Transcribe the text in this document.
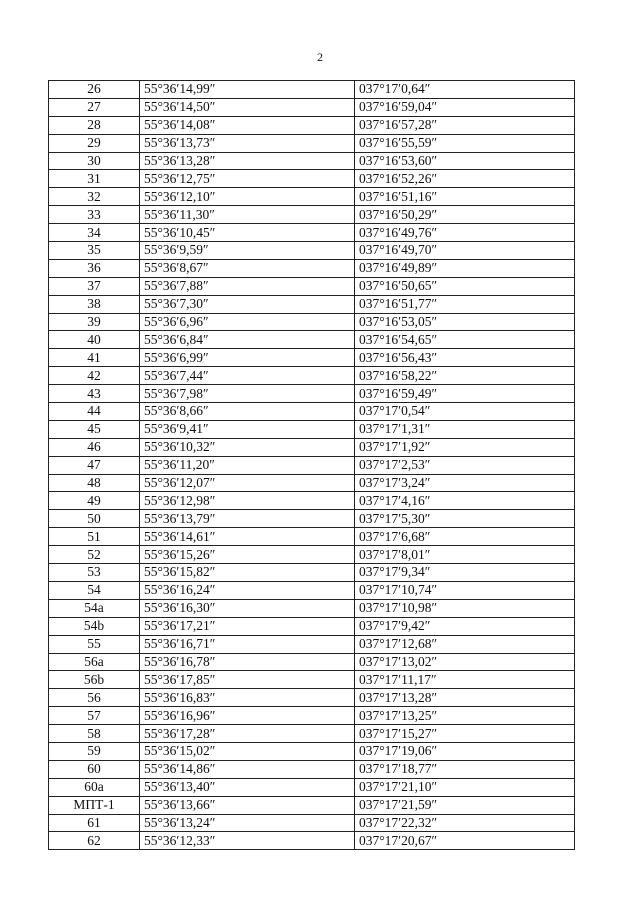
2
26	55°36′14,99″	037°17′0,64″
27	55°36′14,50″	037°16′59,04″
28	55°36′14,08″	037°16′57,28″
29	55°36′13,73″	037°16′55,59″
30	55°36′13,28″	037°16′53,60″
31	55°36′12,75″	037°16′52,26″
32	55°36′12,10″	037°16′51,16″
33	55°36′11,30″	037°16′50,29″
34	55°36′10,45″	037°16′49,76″
35	55°36′9,59″	037°16′49,70″
36	55°36′8,67″	037°16′49,89″
37	55°36′7,88″	037°16′50,65″
38	55°36′7,30″	037°16′51,77″
39	55°36′6,96″	037°16′53,05″
40	55°36′6,84″	037°16′54,65″
41	55°36′6,99″	037°16′56,43″
42	55°36′7,44″	037°16′58,22″
43	55°36′7,98″	037°16′59,49″
44	55°36′8,66″	037°17′0,54″
45	55°36′9,41″	037°17′1,31″
46	55°36′10,32″	037°17′1,92″
47	55°36′11,20″	037°17′2,53″
48	55°36′12,07″	037°17′3,24″
49	55°36′12,98″	037°17′4,16″
50	55°36′13,79″	037°17′5,30″
51	55°36′14,61″	037°17′6,68″
52	55°36′15,26″	037°17′8,01″
53	55°36′15,82″	037°17′9,34″
54	55°36′16,24″	037°17′10,74″
54a	55°36′16,30″	037°17′10,98″
54b	55°36′17,21″	037°17′9,42″
55	55°36′16,71″	037°17′12,68″
56a	55°36′16,78″	037°17′13,02″
56b	55°36′17,85″	037°17′11,17″
56	55°36′16,83″	037°17′13,28″
57	55°36′16,96″	037°17′13,25″
58	55°36′17,28″	037°17′15,27″
59	55°36′15,02″	037°17′19,06″
60	55°36′14,86″	037°17′18,77″
60a	55°36′13,40″	037°17′21,10″
МПТ-1	55°36′13,66″	037°17′21,59″
61	55°36′13,24″	037°17′22,32″
62	55°36′12,33″	037°17′20,67″
